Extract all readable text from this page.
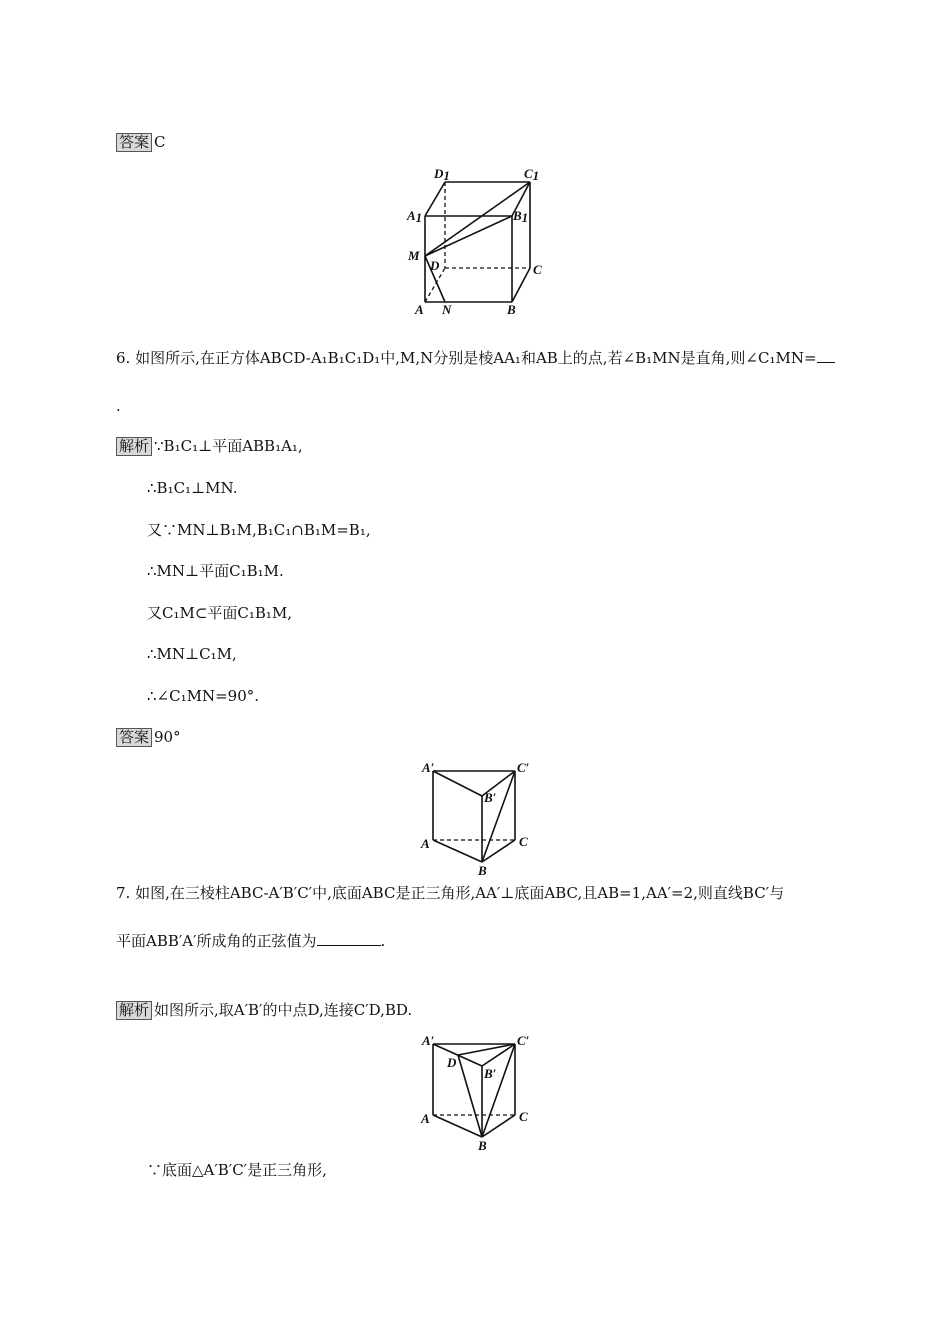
答案 C
D1	C1
A1	B1
M
D	C
A N	B
6. 如图所示,在正方体ABCD-A₁B₁C₁D₁中,M,N分别是棱AA₁和AB上的点,若∠B₁MN是直角,则∠C₁MN=
.
解析 ∵B₁C₁⊥平面ABB₁A₁,
∴B₁C₁⊥MN.
又∵MN⊥B₁M,B₁C₁∩B₁M=B₁,
∴MN⊥平面C₁B₁M.
又C₁M⊂平面C₁B₁M,
∴MN⊥C₁M,
∴∠C₁MN=90°.
答案 90°
A′	C′
B′
A	C
B
7. 如图,在三棱柱ABC-A′B′C′中,底面ABC是正三角形,AA′⊥底面ABC,且AB=1,AA′=2,则直线BC′与
平面ABB′A′所成角的正弦值为	.
解析 如图所示,取A′B′的中点D,连接C′D,BD.
A′	C′
D
B′
A	C
B
∵底面△A′B′C′是正三角形,
